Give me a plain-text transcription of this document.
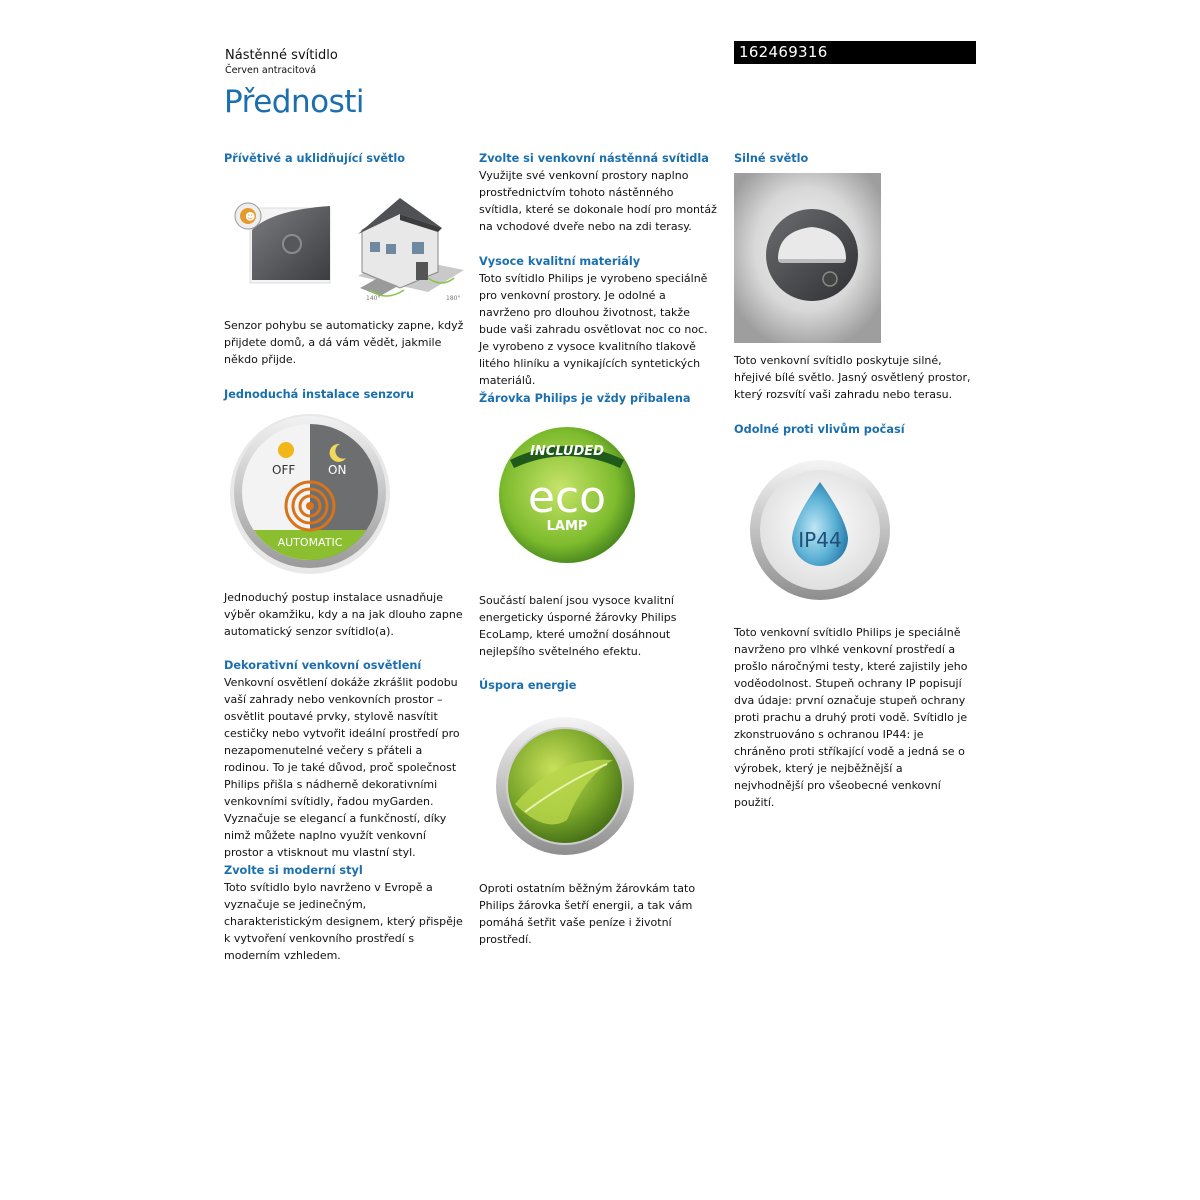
Nástěnné svítidlo
Červen antracitová
162469316
Přednosti

Přívětivé a uklidňující světlo

☻
140°	180°

Senzor pohybu se automaticky zapne, když přijdete domů, a dá vám vědět, jakmile někdo přijde.

Jednoduchá instalace senzoru

OFF	ON
AUTOMATIC

Jednoduchý postup instalace usnadňuje výběr okamžiku, kdy a na jak dlouho zapne automatický senzor svítidlo(a).

Dekorativní venkovní osvětlení

Venkovní osvětlení dokáže zkrášlit podobu vaší zahrady nebo venkovních prostor – osvětlit poutavé prvky, stylově nasvítit cestičky nebo vytvořit ideální prostředí pro nezapomenutelné večery s přáteli a rodinou. To je také důvod, proč společnost Philips přišla s nádherně dekorativními venkovními svítidly, řadou myGarden. Vyznačuje se elegancí a funkčností, díky nimž můžete naplno využít venkovní prostor a vtisknout mu vlastní styl.

Zvolte si moderní styl

Toto svítidlo bylo navrženo v Evropě a vyznačuje se jedinečným, charakteristickým designem, který přispěje k vytvoření venkovního prostředí s moderním vzhledem.

Zvolte si venkovní nástěnná svítidla

Využijte své venkovní prostory naplno prostřednictvím tohoto nástěnného svítidla, které se dokonale hodí pro montáž na vchodové dveře nebo na zdi terasy.

Vysoce kvalitní materiály

Toto svítidlo Philips je vyrobeno speciálně pro venkovní prostory. Je odolné a navrženo pro dlouhou životnost, takže bude vaši zahradu osvětlovat noc co noc. Je vyrobeno z vysoce kvalitního tlakově litého hliníku a vynikajících syntetických materiálů.

Žárovka Philips je vždy přibalena

INCLUDED
eco
LAMP

Součástí balení jsou vysoce kvalitní energeticky úsporné žárovky Philips EcoLamp, které umožní dosáhnout nejlepšího světelného efektu.

Úspora energie

Oproti ostatním běžným žárovkám tato Philips žárovka šetří energii, a tak vám pomáhá šetřit vaše peníze i životní prostředí.

Silné světlo

Toto venkovní svítidlo poskytuje silné, hřejivé bílé světlo. Jasný osvětlený prostor, který rozsvítí vaši zahradu nebo terasu.

Odolné proti vlivům počasí

IP44

Toto venkovní svítidlo Philips je speciálně navrženo pro vlhké venkovní prostředí a prošlo náročnými testy, které zajistily jeho voděodolnost. Stupeň ochrany IP popisují dva údaje: první označuje stupeň ochrany proti prachu a druhý proti vodě. Svítidlo je zkonstruováno s ochranou IP44: je chráněno proti stříkající vodě a jedná se o výrobek, který je nejběžnější a nejvhodnější pro všeobecné venkovní použití.
